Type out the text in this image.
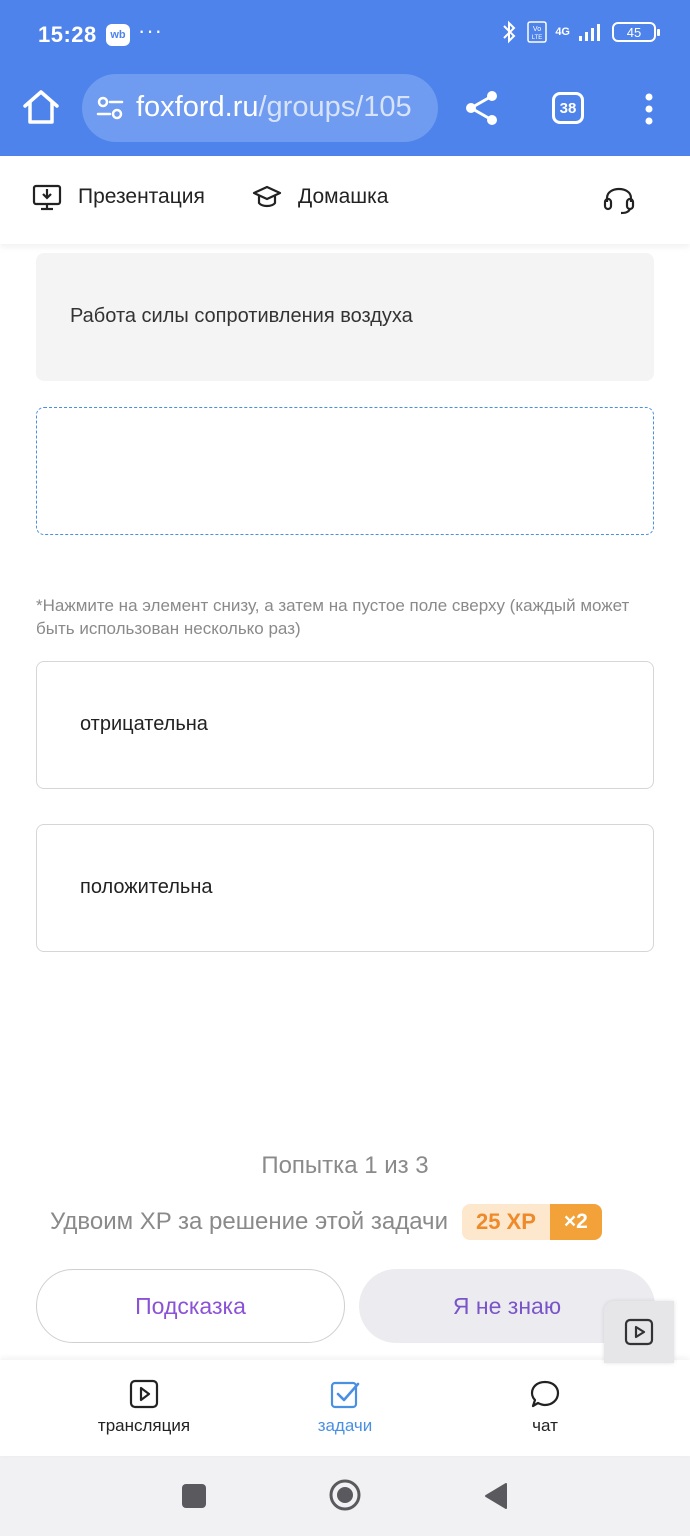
15:28	wb ···	Vo
LTE 4G	45
foxford.ru/groups/105	38
Презентация	Домашка
Работа силы сопротивления воздуха
*Нажмите на элемент снизу, а затем на пустое поле сверху (каждый может быть использован несколько раз)
отрицательна
положительна
Попытка 1 из 3
Удвоим XP за решение этой задачи	25 XP	×2
Подсказка	Я не знаю
трансляция	задачи	чат
